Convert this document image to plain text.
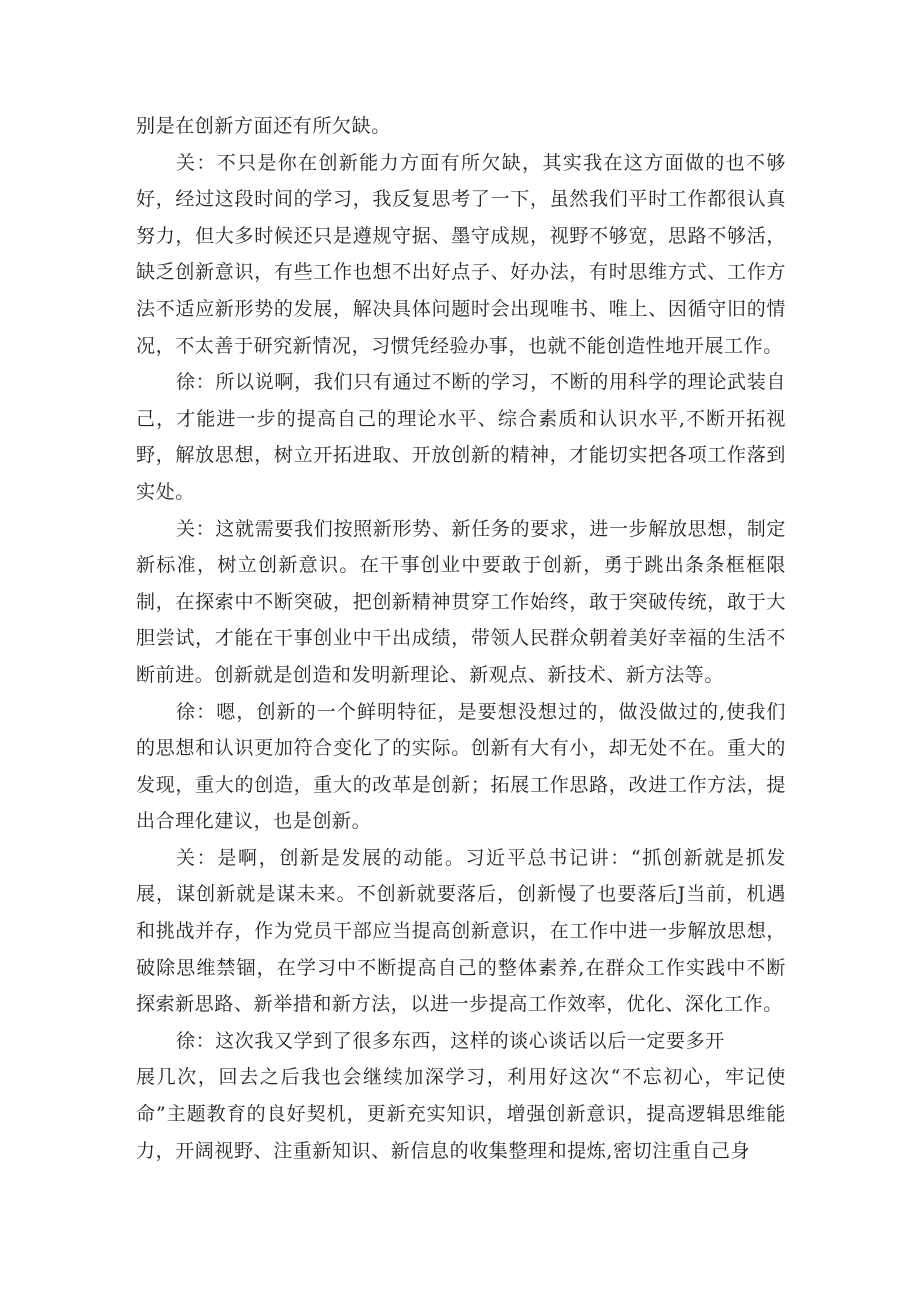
别是在创新方面还有所欠缺。

关：不只是你在创新能力方面有所欠缺，其实我在这方面做的也不够好，经过这段时间的学习，我反复思考了一下，虽然我们平时工作都很认真努力，但大多时候还只是遵规守据、墨守成规，视野不够宽，思路不够活，缺乏创新意识，有些工作也想不出好点子、好办法，有时思维方式、工作方法不适应新形势的发展，解决具体问题时会出现唯书、唯上、因循守旧的情况，不太善于研究新情况，习惯凭经验办事，也就不能创造性地开展工作。

徐：所以说啊，我们只有通过不断的学习，不断的用科学的理论武装自己，才能进一步的提高自己的理论水平、综合素质和认识水平,不断开拓视野，解放思想，树立开拓进取、开放创新的精神，才能切实把各项工作落到实处。

关：这就需要我们按照新形势、新任务的要求，进一步解放思想，制定新标准，树立创新意识。在干事创业中要敢于创新，勇于跳出条条框框限制，在探索中不断突破，把创新精神贯穿工作始终，敢于突破传统，敢于大胆尝试，才能在干事创业中干出成绩，带领人民群众朝着美好幸福的生活不断前进。创新就是创造和发明新理论、新观点、新技术、新方法等。

徐：嗯，创新的一个鲜明特征，是要想没想过的，做没做过的,使我们的思想和认识更加符合变化了的实际。创新有大有小，却无处不在。重大的发现，重大的创造，重大的改革是创新；拓展工作思路，改进工作方法，提出合理化建议，也是创新。

关：是啊，创新是发展的动能。习近平总书记讲：“抓创新就是抓发展，谋创新就是谋未来。不创新就要落后，创新慢了也要落后J当前，机遇和挑战并存，作为党员干部应当提高创新意识，在工作中进一步解放思想，破除思维禁锢，在学习中不断提高自己的整体素养,在群众工作实践中不断探索新思路、新举措和新方法，以进一步提高工作效率，优化、深化工作。

徐：这次我又学到了很多东西，这样的谈心谈话以后一定要多开

展几次，回去之后我也会继续加深学习，利用好这次“不忘初心，牢记使命”主题教育的良好契机，更新充实知识，增强创新意识，提高逻辑思维能力，开阔视野、注重新知识、新信息的收集整理和提炼,密切注重自己身
